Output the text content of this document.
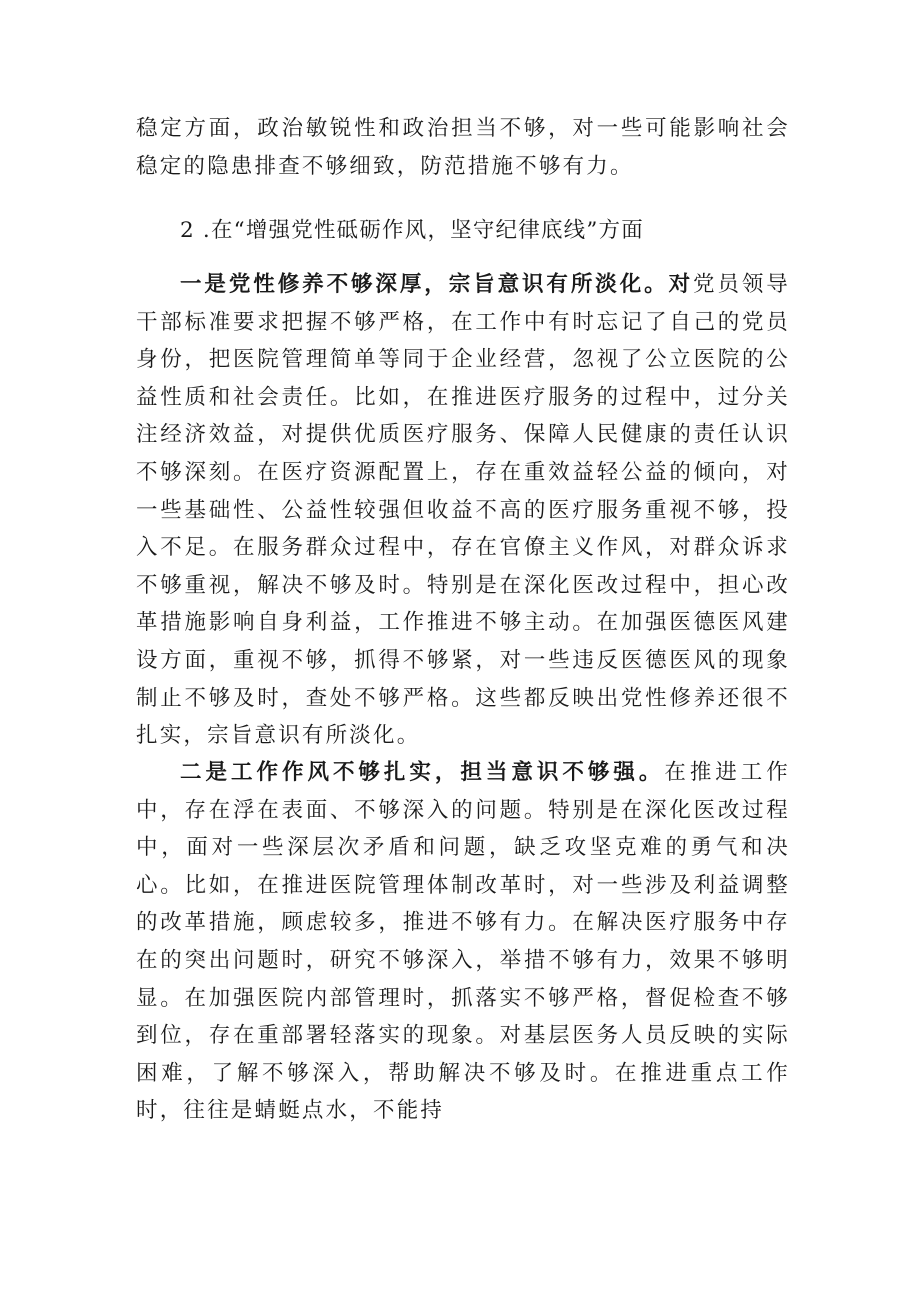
稳定方面，政治敏锐性和政治担当不够，对一些可能影响社会稳定的隐患排查不够细致，防范措施不够有力。

2 .在“增强党性砥砺作风，坚守纪律底线”方面

一是党性修养不够深厚，宗旨意识有所淡化。对党员领导干部标准要求把握不够严格，在工作中有时忘记了自己的党员身份，把医院管理简单等同于企业经营，忽视了公立医院的公益性质和社会责任。比如，在推进医疗服务的过程中，过分关注经济效益，对提供优质医疗服务、保障人民健康的责任认识不够深刻。在医疗资源配置上，存在重效益轻公益的倾向，对一些基础性、公益性较强但收益不高的医疗服务重视不够，投入不足。在服务群众过程中，存在官僚主义作风，对群众诉求不够重视，解决不够及时。特别是在深化医改过程中，担心改革措施影响自身利益，工作推进不够主动。在加强医德医风建设方面，重视不够，抓得不够紧，对一些违反医德医风的现象制止不够及时，查处不够严格。这些都反映出党性修养还很不扎实，宗旨意识有所淡化。

二是工作作风不够扎实，担当意识不够强。在推进工作中，存在浮在表面、不够深入的问题。特别是在深化医改过程中，面对一些深层次矛盾和问题，缺乏攻坚克难的勇气和决心。比如，在推进医院管理体制改革时，对一些涉及利益调整的改革措施，顾虑较多，推进不够有力。在解决医疗服务中存在的突出问题时，研究不够深入，举措不够有力，效果不够明显。在加强医院内部管理时，抓落实不够严格，督促检查不够到位，存在重部署轻落实的现象。对基层医务人员反映的实际困难，了解不够深入，帮助解决不够及时。在推进重点工作时，往往是蜻蜓点水，不能持
